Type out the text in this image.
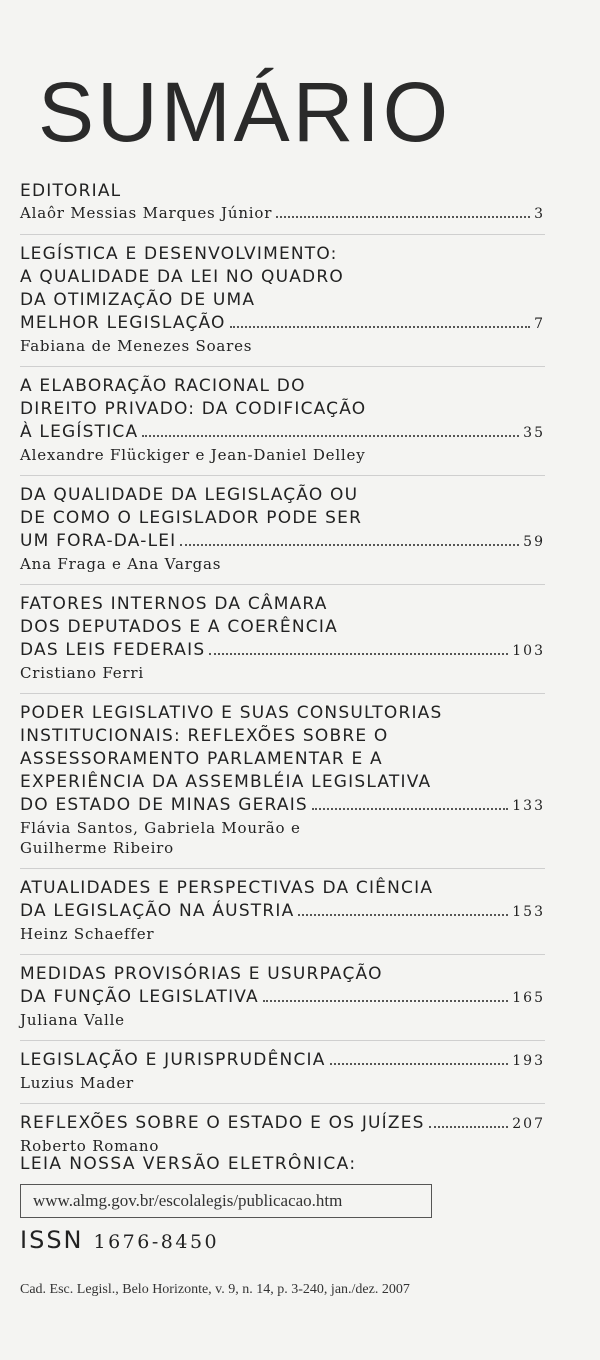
SUMÁRIO
EDITORIAL
Alaôr Messias Marques Júnior	3
LEGÍSTICA E DESENVOLVIMENTO:
A QUALIDADE DA LEI NO QUADRO
DA OTIMIZAÇÃO DE UMA
MELHOR LEGISLAÇÃO	7
Fabiana de Menezes Soares
A ELABORAÇÃO RACIONAL DO
DIREITO PRIVADO: DA CODIFICAÇÃO
À LEGÍSTICA	35
Alexandre Flückiger e Jean-Daniel Delley
DA QUALIDADE DA LEGISLAÇÃO OU
DE COMO O LEGISLADOR PODE SER
UM FORA-DA-LEI	59
Ana Fraga e Ana Vargas
FATORES INTERNOS DA CÂMARA
DOS DEPUTADOS E A COERÊNCIA
DAS LEIS FEDERAIS	103
Cristiano Ferri
PODER LEGISLATIVO E SUAS CONSULTORIAS
INSTITUCIONAIS: REFLEXÕES SOBRE O
ASSESSORAMENTO PARLAMENTAR E A
EXPERIÊNCIA DA ASSEMBLÉIA LEGISLATIVA
DO ESTADO DE MINAS GERAIS	133
Flávia Santos, Gabriela Mourão e
Guilherme Ribeiro
ATUALIDADES E PERSPECTIVAS DA CIÊNCIA
DA LEGISLAÇÃO NA ÁUSTRIA	153
Heinz Schaeffer
MEDIDAS PROVISÓRIAS E USURPAÇÃO
DA FUNÇÃO LEGISLATIVA	165
Juliana Valle
LEGISLAÇÃO E JURISPRUDÊNCIA	193
Luzius Mader
REFLEXÕES SOBRE O ESTADO E OS JUÍZES	207
Roberto Romano

LEIA NOSSA VERSÃO ELETRÔNICA:

www.almg.gov.br/escolalegis/publicacao.htm
ISSN 1676-8450
Cad. Esc. Legisl., Belo Horizonte, v. 9, n. 14, p. 3-240, jan./dez. 2007
